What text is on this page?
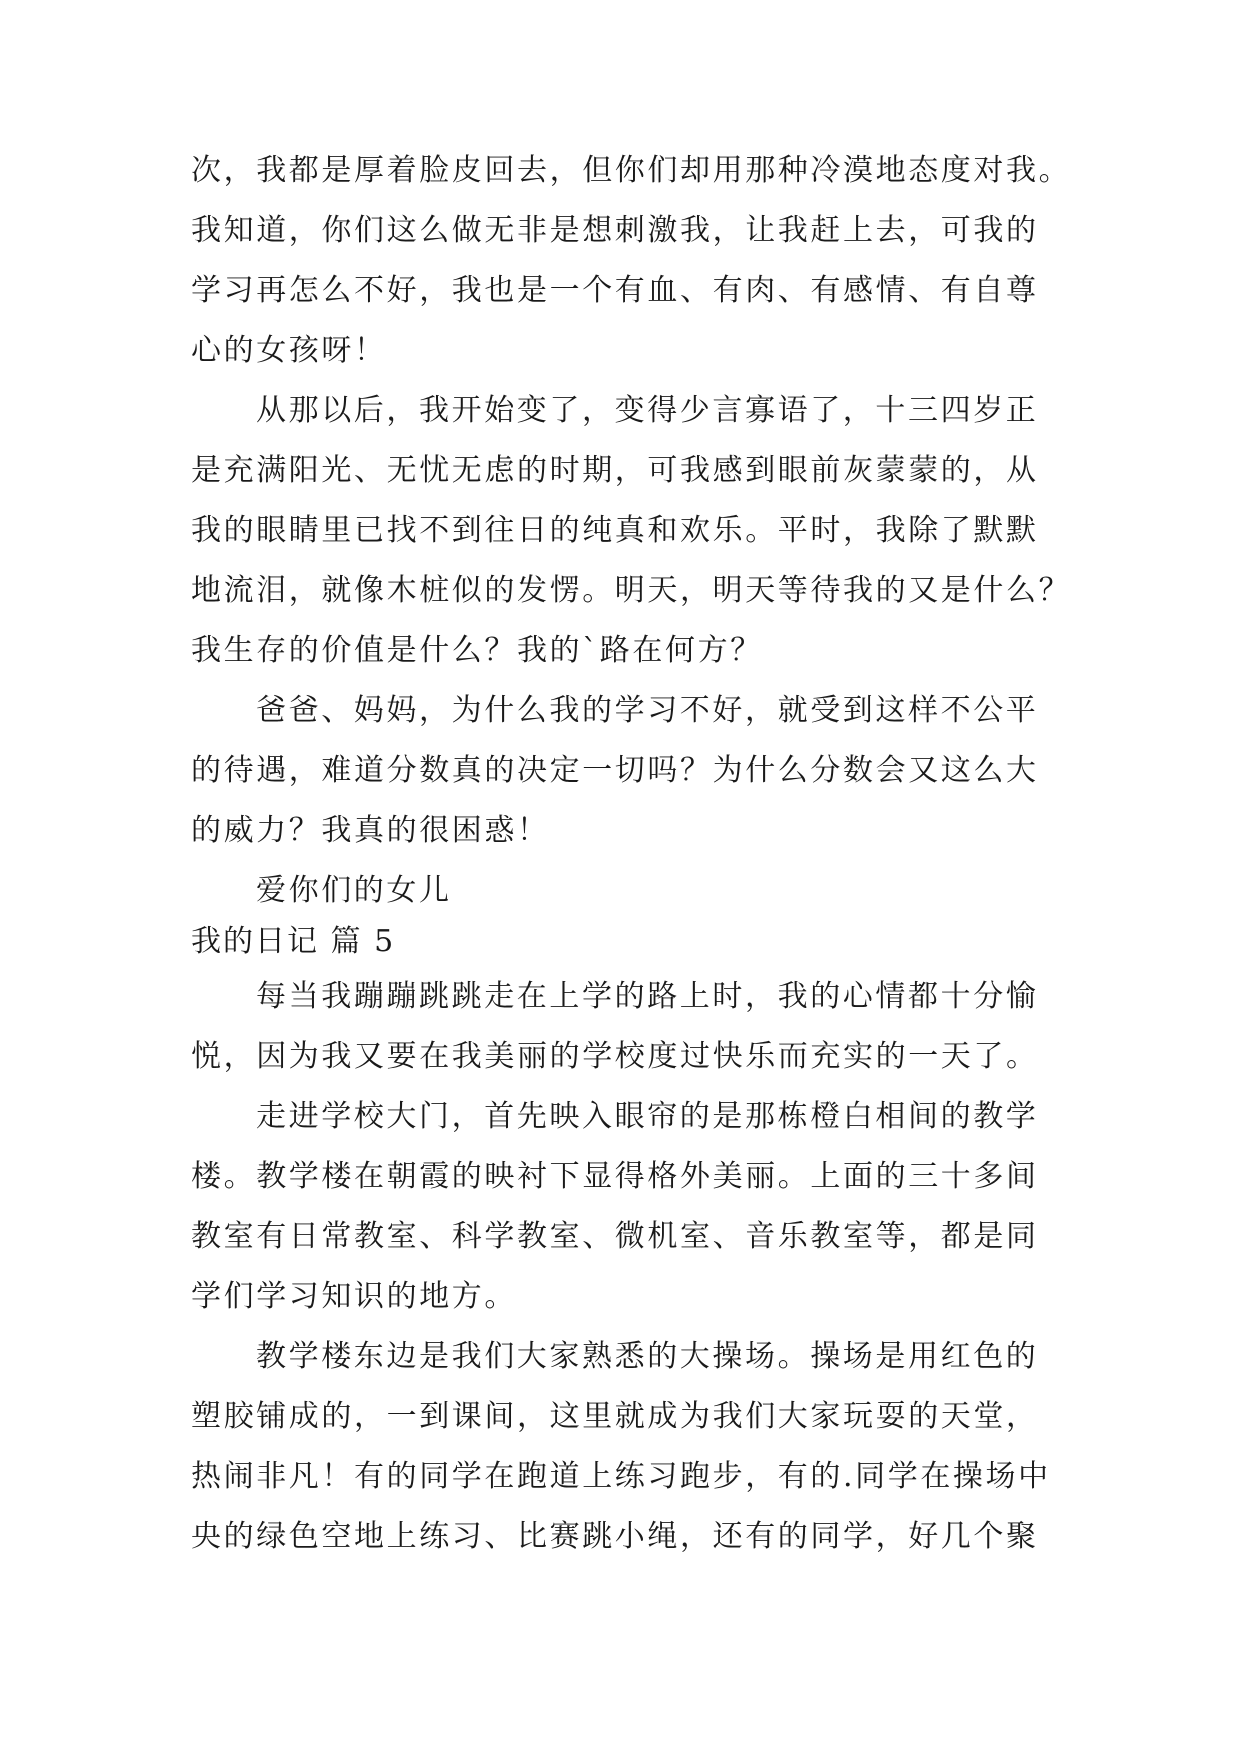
次，我都是厚着脸皮回去，但你们却用那种冷漠地态度对我。
我知道，你们这么做无非是想刺激我，让我赶上去，可我的
学习再怎么不好，我也是一个有血、有肉、有感情、有自尊
心的女孩呀！
从那以后，我开始变了，变得少言寡语了，十三四岁正
是充满阳光、无忧无虑的时期，可我感到眼前灰蒙蒙的，从
我的眼睛里已找不到往日的纯真和欢乐。平时，我除了默默
地流泪，就像木桩似的发愣。明天，明天等待我的又是什么？
我生存的价值是什么？我的`路在何方？
爸爸、妈妈，为什么我的学习不好，就受到这样不公平
的待遇，难道分数真的决定一切吗？为什么分数会又这么大
的威力？我真的很困惑！
爱你们的女儿
我的日记 篇 5
每当我蹦蹦跳跳走在上学的路上时，我的心情都十分愉
悦，因为我又要在我美丽的学校度过快乐而充实的一天了。
走进学校大门，首先映入眼帘的是那栋橙白相间的教学
楼。教学楼在朝霞的映衬下显得格外美丽。上面的三十多间
教室有日常教室、科学教室、微机室、音乐教室等，都是同
学们学习知识的地方。
教学楼东边是我们大家熟悉的大操场。操场是用红色的
塑胶铺成的，一到课间，这里就成为我们大家玩耍的天堂，
热闹非凡！有的同学在跑道上练习跑步，有的.同学在操场中
央的绿色空地上练习、比赛跳小绳，还有的同学，好几个聚
